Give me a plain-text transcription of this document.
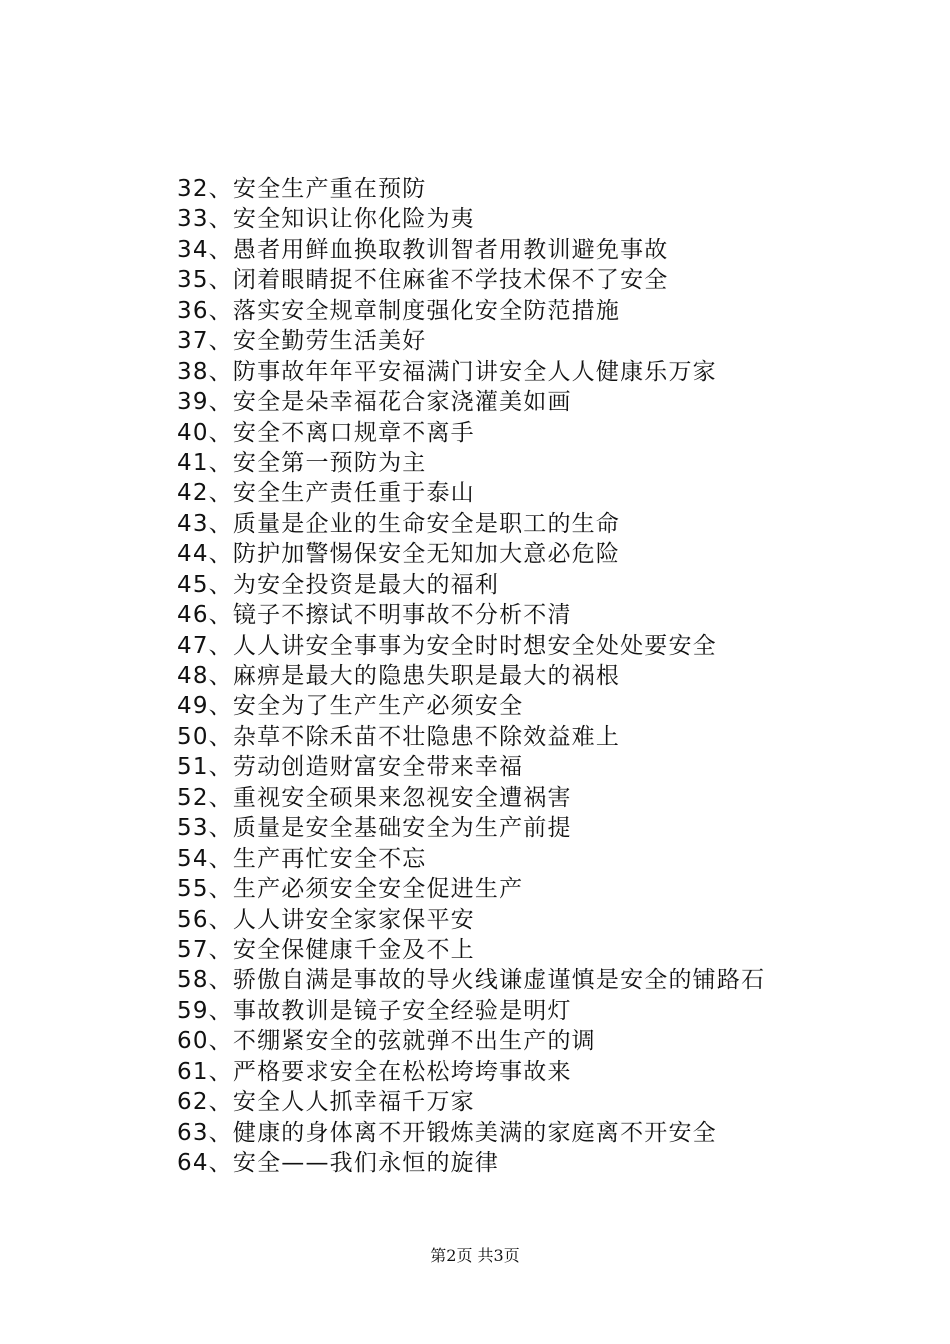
32、安全生产重在预防
33、安全知识让你化险为夷
34、愚者用鲜血换取教训智者用教训避免事故
35、闭着眼睛捉不住麻雀不学技术保不了安全
36、落实安全规章制度强化安全防范措施
37、安全勤劳生活美好
38、防事故年年平安福满门讲安全人人健康乐万家
39、安全是朵幸福花合家浇灌美如画
40、安全不离口规章不离手
41、安全第一预防为主
42、安全生产责任重于泰山
43、质量是企业的生命安全是职工的生命
44、防护加警惕保安全无知加大意必危险
45、为安全投资是最大的福利
46、镜子不擦试不明事故不分析不清
47、人人讲安全事事为安全时时想安全处处要安全
48、麻痹是最大的隐患失职是最大的祸根
49、安全为了生产生产必须安全
50、杂草不除禾苗不壮隐患不除效益难上
51、劳动创造财富安全带来幸福
52、重视安全硕果来忽视安全遭祸害
53、质量是安全基础安全为生产前提
54、生产再忙安全不忘
55、生产必须安全安全促进生产
56、人人讲安全家家保平安
57、安全保健康千金及不上
58、骄傲自满是事故的导火线谦虚谨慎是安全的铺路石
59、事故教训是镜子安全经验是明灯
60、不绷紧安全的弦就弹不出生产的调
61、严格要求安全在松松垮垮事故来
62、安全人人抓幸福千万家
63、健康的身体离不开锻炼美满的家庭离不开安全
64、安全——我们永恒的旋律
第2页 共3页
